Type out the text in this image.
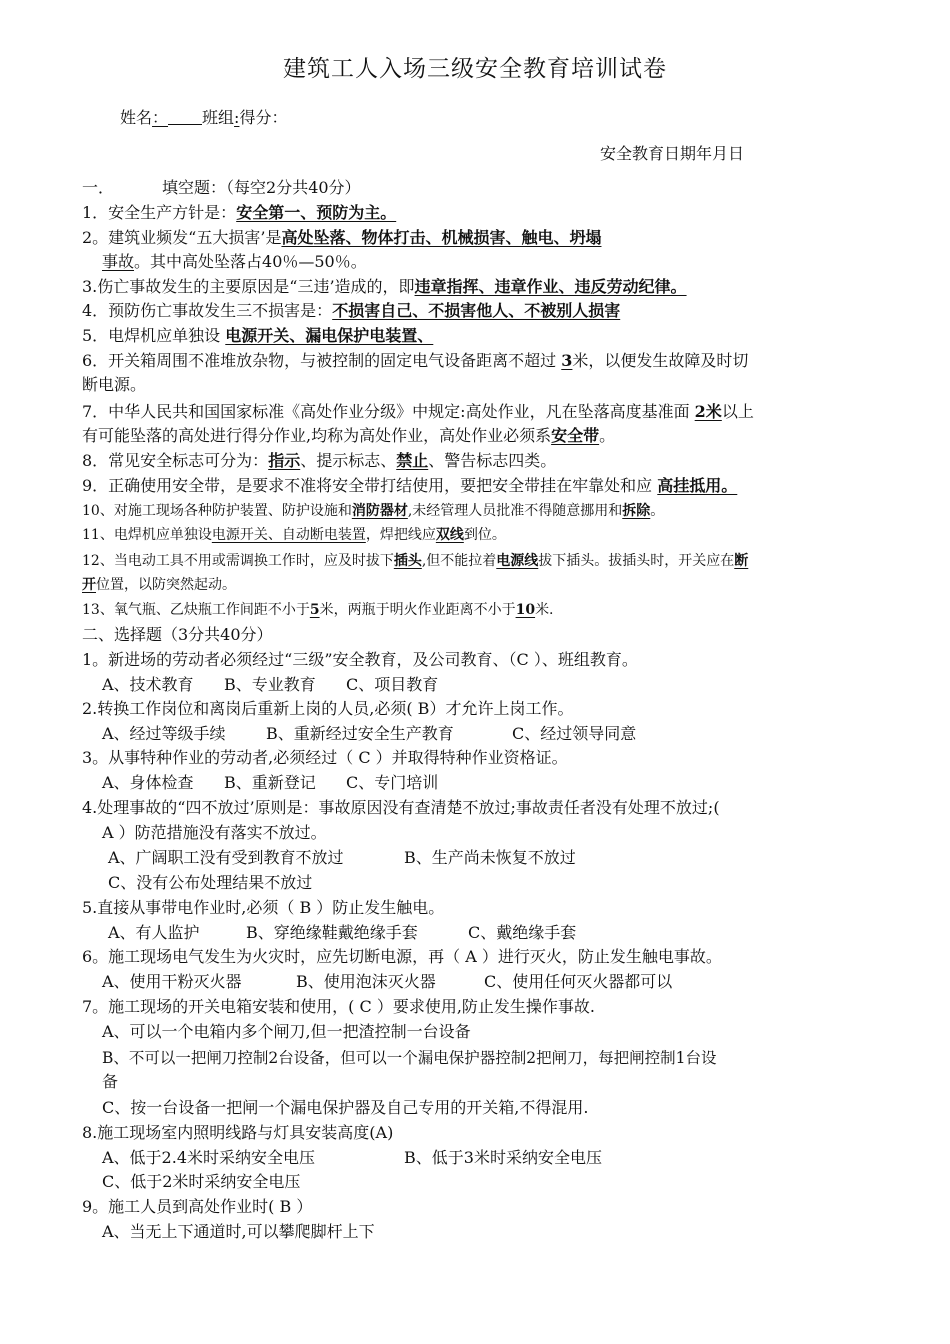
建筑工人入场三级安全教育培训试卷
姓名： 班组:得分：
安全教育日期年月日
一．	填空题：（每空2分共40分）
1．安全生产方针是：安全第一、预防为主。
2。建筑业频发“五大损害’是高处坠落、物体打击、机械损害、触电、坍塌
事故。其中高处坠落占40％—50％。
3.伤亡事故发生的主要原因是“三违’造成的，即违章指挥、违章作业、违反劳动纪律。
4．预防伤亡事故发生三不损害是：不损害自己、不损害他人、不被别人损害
5．电焊机应单独设 电源开关、漏电保护电装置、
6．开关箱周围不准堆放杂物，与被控制的固定电气设备距离不超过 3米，以便发生故障及时切
断电源。
7．中华人民共和国国家标准《高处作业分级》中规定:高处作业，凡在坠落高度基准面 2米以上
有可能坠落的高处进行得分作业,均称为高处作业，高处作业必须系安全带。
8．常见安全标志可分为：指示、提示标志、禁止、警告标志四类。
9．正确使用安全带，是要求不准将安全带打结使用，要把安全带挂在牢靠处和应 高挂抵用。
10、对施工现场各种防护装置、防护设施和消防器材,未经管理人员批准不得随意挪用和拆除。
11、电焊机应单独设电源开关、自动断电装置，焊把线应双线到位。
12、当电动工具不用或需调换工作时，应及时拔下插头,但不能拉着电源线拔下插头。拔插头时，开关应在断
开位置，以防突然起动。
13、氧气瓶、乙炔瓶工作间距不小于5米，两瓶于明火作业距离不小于10米.
二、选择题（3分共40分）
1。新进场的劳动者必须经过“三级”安全教育，及公司教育、（C ）、班组教育。
A、技术教育 B、专业教育 C、项目教育
2.转换工作岗位和离岗后重新上岗的人员,必须( B）才允许上岗工作。
A、经过等级手续	B、重新经过安全生产教育	C、经过领导同意
3。从事特种作业的劳动者,必须经过（ C ）并取得特种作业资格证。
A、身体检查 B、重新登记 C、专门培训
4.处理事故的“四不放过’原则是：事故原因没有查清楚不放过;事故责任者没有处理不放过;(
A ）防范措施没有落实不放过。
A、广阔职工没有受到教育不放过	B、生产尚未恢复不放过
C、没有公布处理结果不放过
5.直接从事带电作业时,必须（ B ）防止发生触电。
A、有人监护	B、穿绝缘鞋戴绝缘手套	C、戴绝缘手套
6。施工现场电气发生为火灾时，应先切断电源，再（ A ）进行灭火，防止发生触电事故。
A、使用干粉灭火器	B、使用泡沫灭火器	C、使用任何灭火器都可以
7。施工现场的开关电箱安装和使用，( C ）要求使用,防止发生操作事故.
A、可以一个电箱内多个闸刀,但一把渣控制一台设备
B、不可以一把闸刀控制2台设备，但可以一个漏电保护器控制2把闸刀，每把闸控制1台设
备
C、按一台设备一把闸一个漏电保护器及自己专用的开关箱,不得混用.
8.施工现场室内照明线路与灯具安装高度(A)
A、低于2.4米时采纳安全电压	B、低于3米时采纳安全电压
C、低于2米时采纳安全电压
9。施工人员到高处作业时( B ）
A、当无上下通道时,可以攀爬脚杆上下
